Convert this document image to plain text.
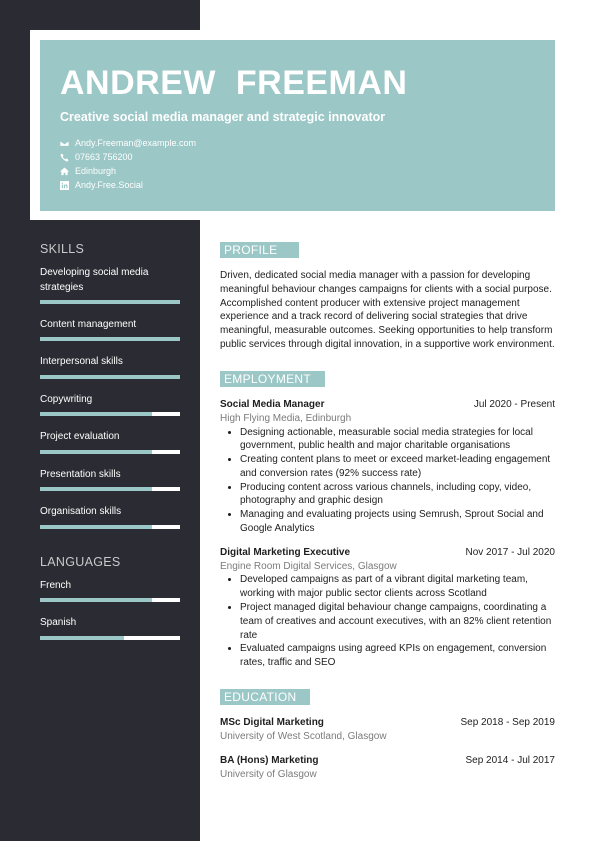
ANDREW  FREEMAN
Creative social media manager and strategic innovator
Andy.Freeman@example.com
07663 756200
Edinburgh
Andy.Free.Social
SKILLS
Developing social media strategies
Content management
Interpersonal skills
Copywriting
Project evaluation
Presentation skills
Organisation skills
LANGUAGES
French
Spanish
PROFILE
Driven, dedicated social media manager with a passion for developing meaningful behaviour changes campaigns for clients with a social purpose. Accomplished content producer with extensive project management experience and a track record of delivering social strategies that drive meaningful, measurable outcomes. Seeking opportunities to help transform public services through digital innovation, in a supportive work environment.
EMPLOYMENT
Social Media Manager	Jul 2020 - Present
High Flying Media, Edinburgh
• Designing actionable, measurable social media strategies for local government, public health and major charitable organisations
• Creating content plans to meet or exceed market-leading engagement and conversion rates (92% success rate)
• Producing content across various channels, including copy, video, photography and graphic design
• Managing and evaluating projects using Semrush, Sprout Social and Google Analytics
Digital Marketing Executive	Nov 2017 - Jul 2020
Engine Room Digital Services, Glasgow
• Developed campaigns as part of a vibrant digital marketing team, working with major public sector clients across Scotland
• Project managed digital behaviour change campaigns, coordinating a team of creatives and account executives, with an 82% client retention rate
• Evaluated campaigns using agreed KPIs on engagement, conversion rates, traffic and SEO
EDUCATION
MSc Digital Marketing	Sep 2018 - Sep 2019
University of West Scotland, Glasgow
BA (Hons) Marketing	Sep 2014 - Jul 2017
University of Glasgow
